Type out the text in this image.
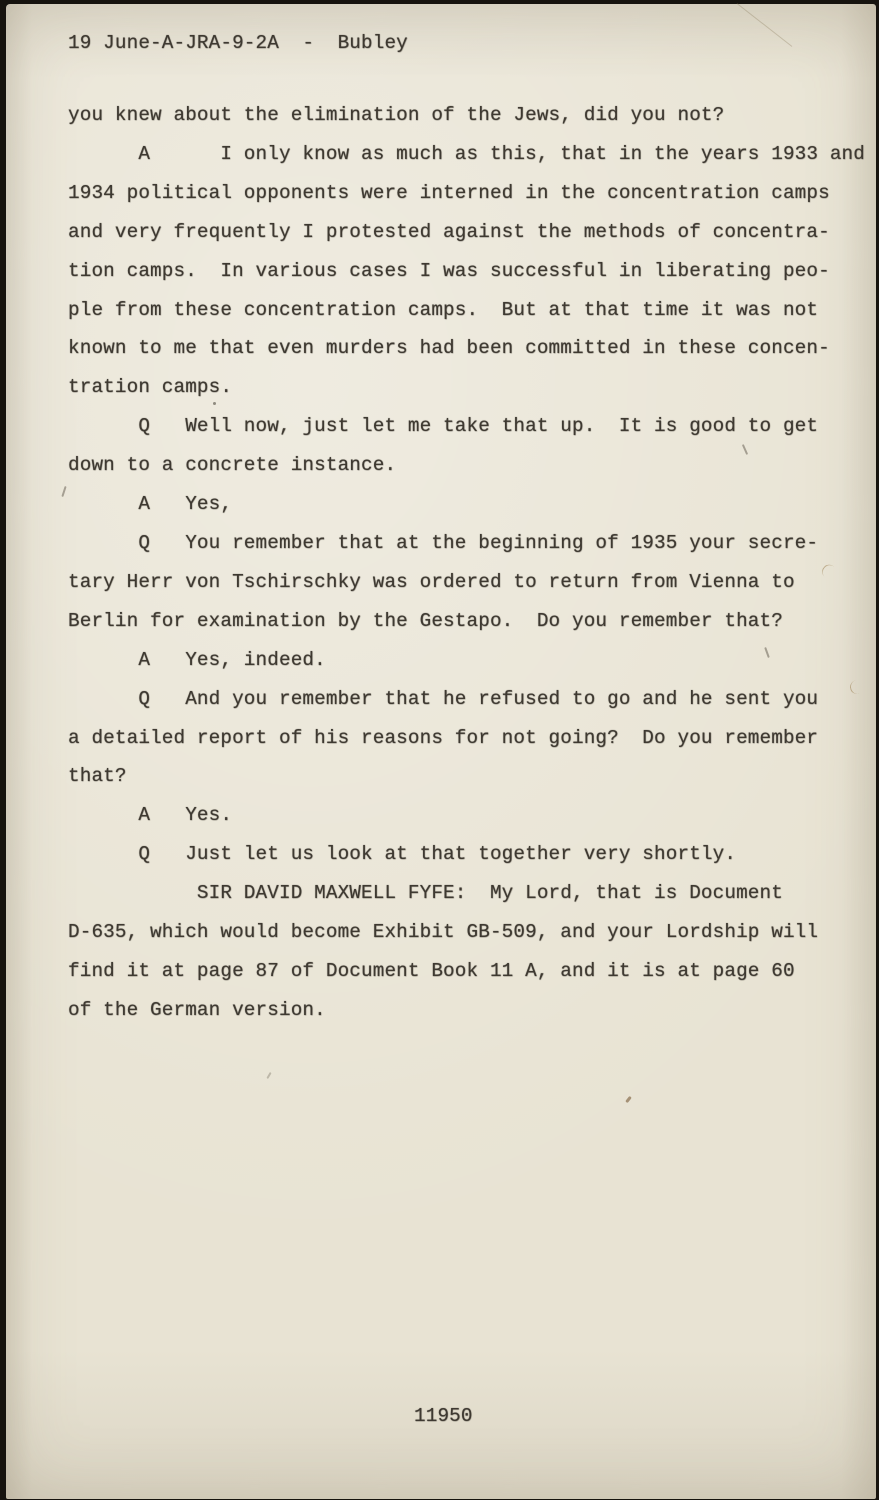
19 June-A-JRA-9-2A  -  Bubley
you knew about the elimination of the Jews, did you not?
A      I only know as much as this, that in the years 1933 and
1934 political opponents were interned in the concentration camps
and very frequently I protested against the methods of concentra-
tion camps.  In various cases I was successful in liberating peo-
ple from these concentration camps.  But at that time it was not
known to me that even murders had been committed in these concen-
tration camps.
Q   Well now, just let me take that up.  It is good to get
down to a concrete instance.
A   Yes,
Q   You remember that at the beginning of 1935 your secre-
tary Herr von Tschirschky was ordered to return from Vienna to
Berlin for examination by the Gestapo.  Do you remember that?
A   Yes, indeed.
Q   And you remember that he refused to go and he sent you
a detailed report of his reasons for not going?  Do you remember
that?
A   Yes.
Q   Just let us look at that together very shortly.
SIR DAVID MAXWELL FYFE:  My Lord, that is Document
D-635, which would become Exhibit GB-509, and your Lordship will
find it at page 87 of Document Book 11 A, and it is at page 60
of the German version.
11950
